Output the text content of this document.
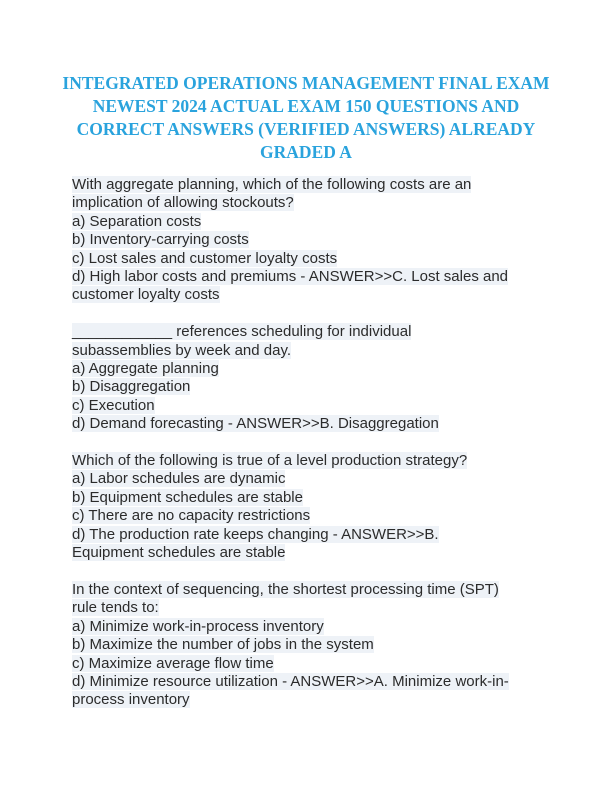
INTEGRATED OPERATIONS MANAGEMENT FINAL EXAM NEWEST 2024 ACTUAL EXAM 150 QUESTIONS AND CORRECT ANSWERS (VERIFIED ANSWERS) ALREADY GRADED A
With aggregate planning, which of the following costs are an
implication of allowing stockouts?
a) Separation costs
b) Inventory-carrying costs
c) Lost sales and customer loyalty costs
d) High labor costs and premiums - ANSWER>>C. Lost sales and
customer loyalty costs
____________ references scheduling for individual
subassemblies by week and day.
a) Aggregate planning
b) Disaggregation
c) Execution
d) Demand forecasting - ANSWER>>B. Disaggregation
Which of the following is true of a level production strategy?
a) Labor schedules are dynamic
b) Equipment schedules are stable
c) There are no capacity restrictions
d) The production rate keeps changing - ANSWER>>B.
Equipment schedules are stable
In the context of sequencing, the shortest processing time (SPT)
rule tends to:
a) Minimize work-in-process inventory
b) Maximize the number of jobs in the system
c) Maximize average flow time
d) Minimize resource utilization - ANSWER>>A. Minimize work-in-
process inventory
